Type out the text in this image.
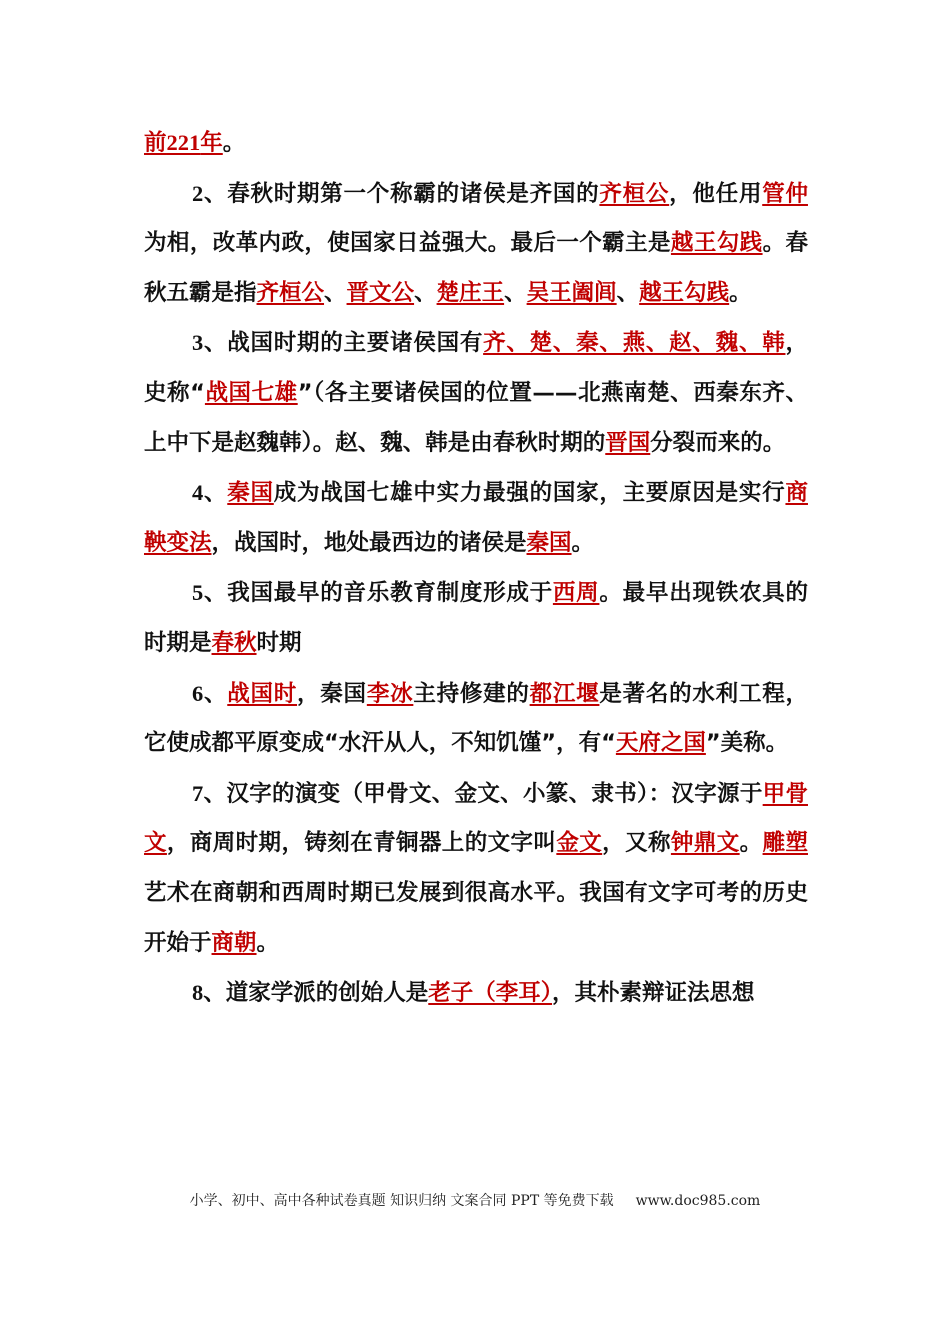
前221年。

2、春秋时期第一个称霸的诸侯是齐国的齐桓公，他任用管仲为相，改革内政，使国家日益强大。最后一个霸主是越王勾践。春秋五霸是指齐桓公、晋文公、楚庄王、吴王阖闾、越王勾践。

3、战国时期的主要诸侯国有齐、楚、秦、燕、赵、魏、韩，史称“战国七雄”（各主要诸侯国的位置——北燕南楚、西秦东齐、上中下是赵魏韩）。赵、魏、韩是由春秋时期的晋国分裂而来的。

4、秦国成为战国七雄中实力最强的国家，主要原因是实行商鞅变法，战国时，地处最西边的诸侯是秦国。

5、我国最早的音乐教育制度形成于西周。最早出现铁农具的时期是春秋时期

6、战国时，秦国李冰主持修建的都江堰是著名的水利工程，它使成都平原变成“水汗从人，不知饥馑”，有“天府之国”美称。

7、汉字的演变（甲骨文、金文、小篆、隶书）：汉字源于甲骨文，商周时期，铸刻在青铜器上的文字叫金文，又称钟鼎文。雕塑艺术在商朝和西周时期已发展到很高水平。我国有文字可考的历史开始于商朝。

8、道家学派的创始人是老子（李耳），其朴素辩证法思想

小学、初中、高中各种试卷真题 知识归纳 文案合同 PPT 等免费下载 www.doc985.com
